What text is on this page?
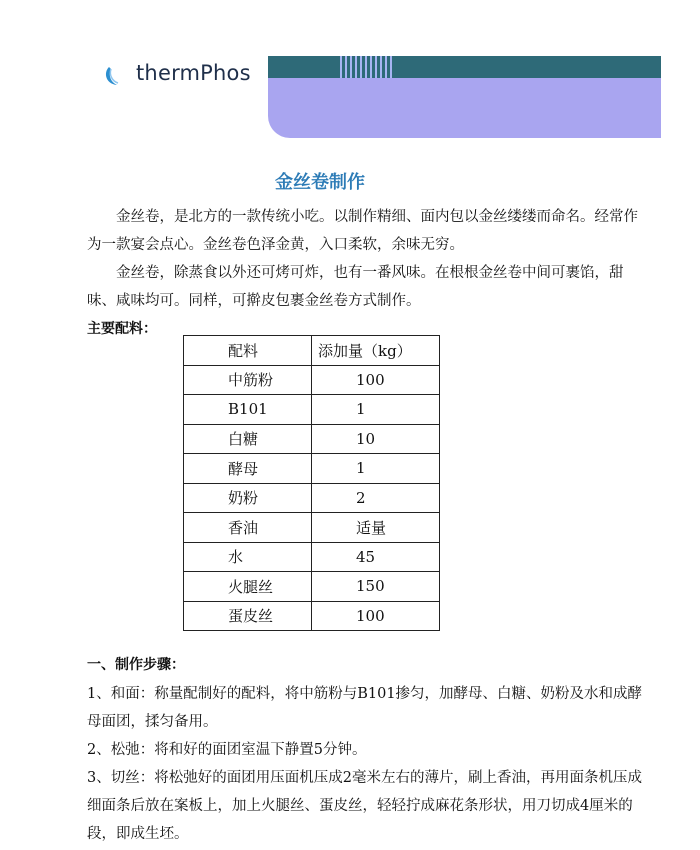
thermPhos
金丝卷制作

金丝卷，是北方的一款传统小吃。以制作精细、面内包以金丝缕缕而命名。经常作为一款宴会点心。金丝卷色泽金黄，入口柔软，余味无穷。

金丝卷，除蒸食以外还可烤可炸，也有一番风味。在根根金丝卷中间可裹馅，甜味、咸味均可。同样，可擀皮包裹金丝卷方式制作。

主要配料：
配料	添加量（kg）
中筋粉	100
B101	1
白糖	10
酵母	1
奶粉	2
香油	适量
水	45
火腿丝	150
蛋皮丝	100
一、制作步骤：

1、和面：称量配制好的配料，将中筋粉与B101掺匀，加酵母、白糖、奶粉及水和成酵母面团，揉匀备用。

2、松弛：将和好的面团室温下静置5分钟。

3、切丝：将松弛好的面团用压面机压成2毫米左右的薄片，刷上香油，再用面条机压成细面条后放在案板上，加上火腿丝、蛋皮丝，轻轻拧成麻花条形状，用刀切成4厘米的段，即成生坯。
